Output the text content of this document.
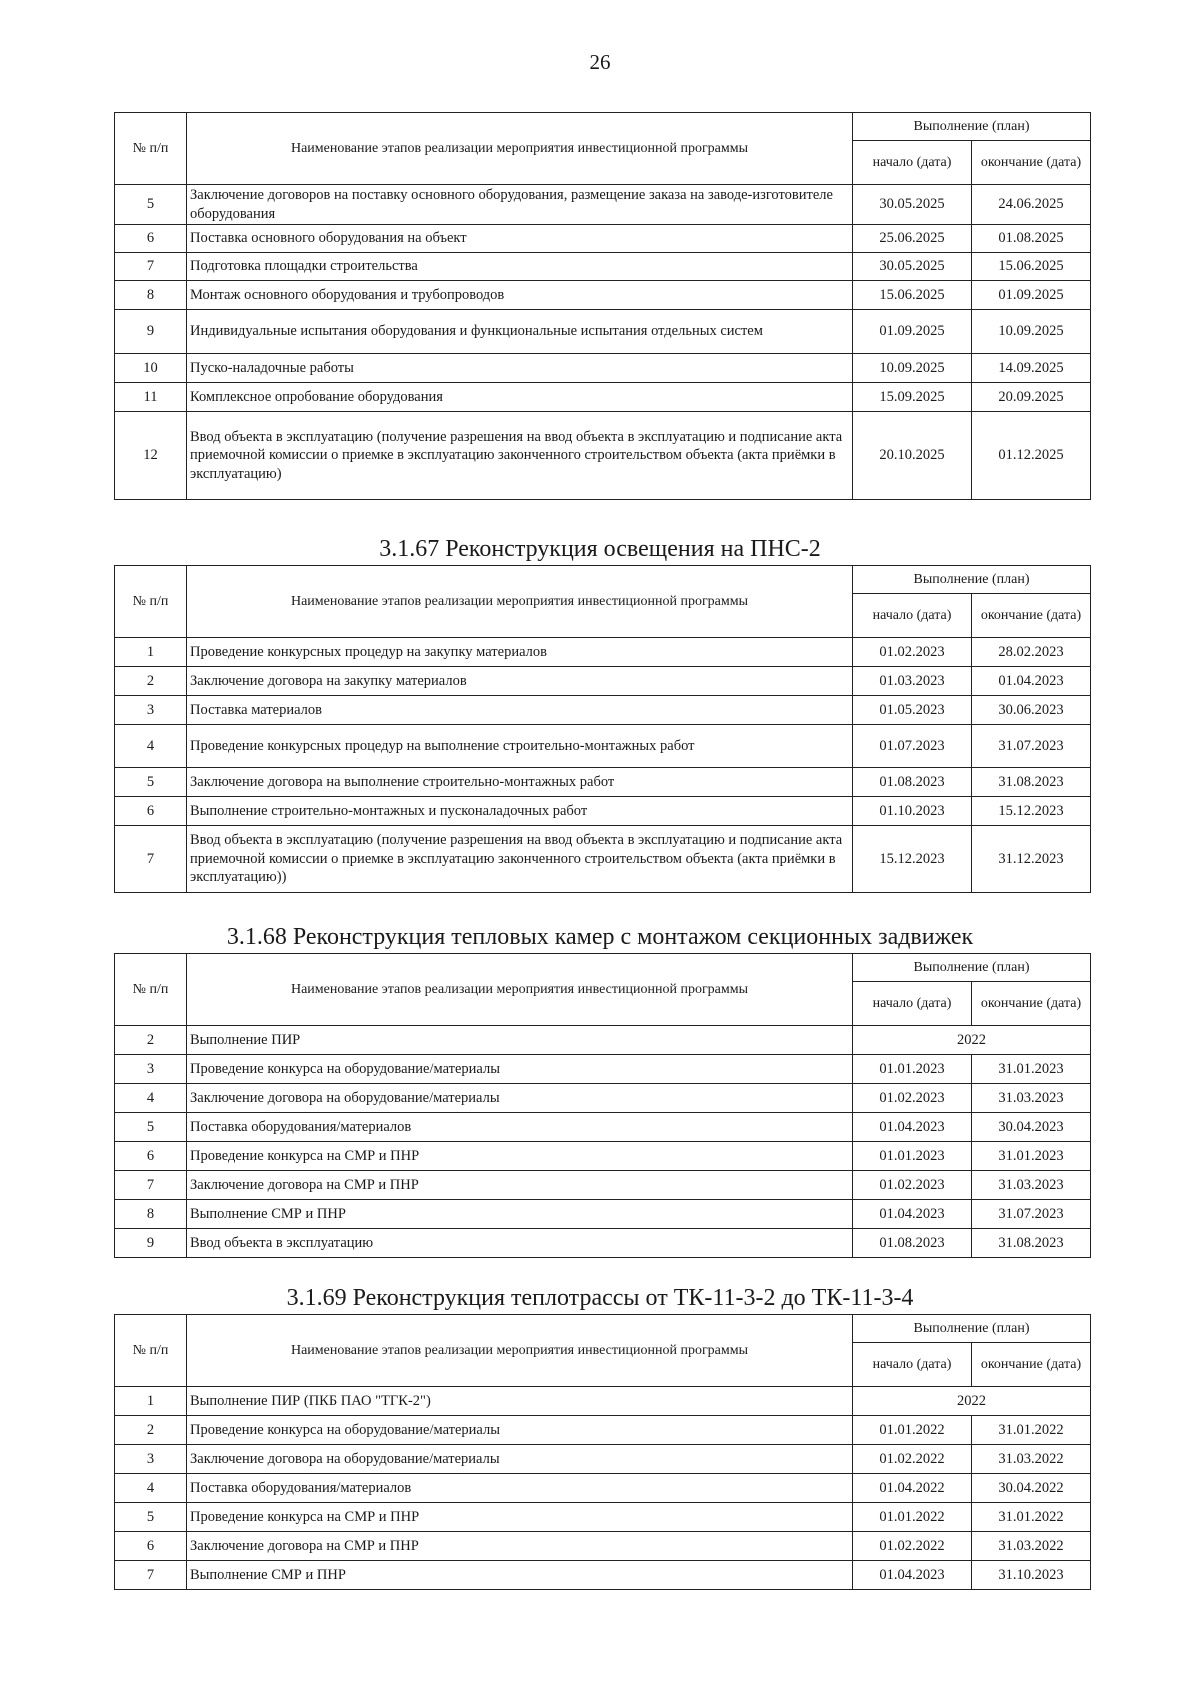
26
№ п/п	Наименование этапов реализации мероприятия инвестиционной программы	Выполнение (план)	
		начало (дата)	окончание (дата)
5	Заключение договоров на поставку основного оборудования, размещение заказа на заводе-изготовителе оборудования	30.05.2025	24.06.2025
6	Поставка основного оборудования на объект	25.06.2025	01.08.2025
7	Подготовка площадки строительства	30.05.2025	15.06.2025
8	Монтаж основного оборудования и трубопроводов	15.06.2025	01.09.2025
9	Индивидуальные испытания оборудования и функциональные испытания отдельных систем	01.09.2025	10.09.2025
10	Пуско-наладочные работы	10.09.2025	14.09.2025
11	Комплексное опробование оборудования	15.09.2025	20.09.2025
12	Ввод объекта в эксплуатацию (получение разрешения на ввод объекта в эксплуатацию и подписание акта приемочной комиссии о приемке в эксплуатацию законченного строительством объекта (акта приёмки в эксплуатацию)	20.10.2025	01.12.2025
3.1.67 Реконструкция освещения на ПНС-2
№ п/п	Наименование этапов реализации мероприятия инвестиционной программы	Выполнение (план)	
		начало (дата)	окончание (дата)
1	Проведение конкурсных процедур на закупку материалов	01.02.2023	28.02.2023
2	Заключение договора на закупку материалов	01.03.2023	01.04.2023
3	Поставка материалов	01.05.2023	30.06.2023
4	Проведение конкурсных процедур на выполнение строительно-монтажных работ	01.07.2023	31.07.2023
5	Заключение договора на выполнение строительно-монтажных работ	01.08.2023	31.08.2023
6	Выполнение строительно-монтажных и пусконаладочных работ	01.10.2023	15.12.2023
7	Ввод объекта в эксплуатацию (получение разрешения на ввод объекта в эксплуатацию и подписание акта приемочной комиссии о приемке в эксплуатацию законченного строительством объекта (акта приёмки в эксплуатацию))	15.12.2023	31.12.2023
3.1.68 Реконструкция тепловых камер с монтажом секционных задвижек
№ п/п	Наименование этапов реализации мероприятия инвестиционной программы	Выполнение (план)	
		начало (дата)	окончание (дата)
2	Выполнение ПИР	2022	
3	Проведение конкурса на оборудование/материалы	01.01.2023	31.01.2023
4	Заключение договора на оборудование/материалы	01.02.2023	31.03.2023
5	Поставка оборудования/материалов	01.04.2023	30.04.2023
6	Проведение конкурса на СМР и ПНР	01.01.2023	31.01.2023
7	Заключение договора на СМР и ПНР	01.02.2023	31.03.2023
8	Выполнение СМР и ПНР	01.04.2023	31.07.2023
9	Ввод объекта в эксплуатацию	01.08.2023	31.08.2023
3.1.69 Реконструкция теплотрассы от ТК-11-3-2 до ТК-11-3-4
№ п/п	Наименование этапов реализации мероприятия инвестиционной программы	Выполнение (план)	
		начало (дата)	окончание (дата)
1	Выполнение ПИР (ПКБ ПАО "ТГК-2")	2022	
2	Проведение конкурса на оборудование/материалы	01.01.2022	31.01.2022
3	Заключение договора на оборудование/материалы	01.02.2022	31.03.2022
4	Поставка оборудования/материалов	01.04.2022	30.04.2022
5	Проведение конкурса на СМР и ПНР	01.01.2022	31.01.2022
6	Заключение договора на СМР и ПНР	01.02.2022	31.03.2022
7	Выполнение СМР и ПНР	01.04.2023	31.10.2023
